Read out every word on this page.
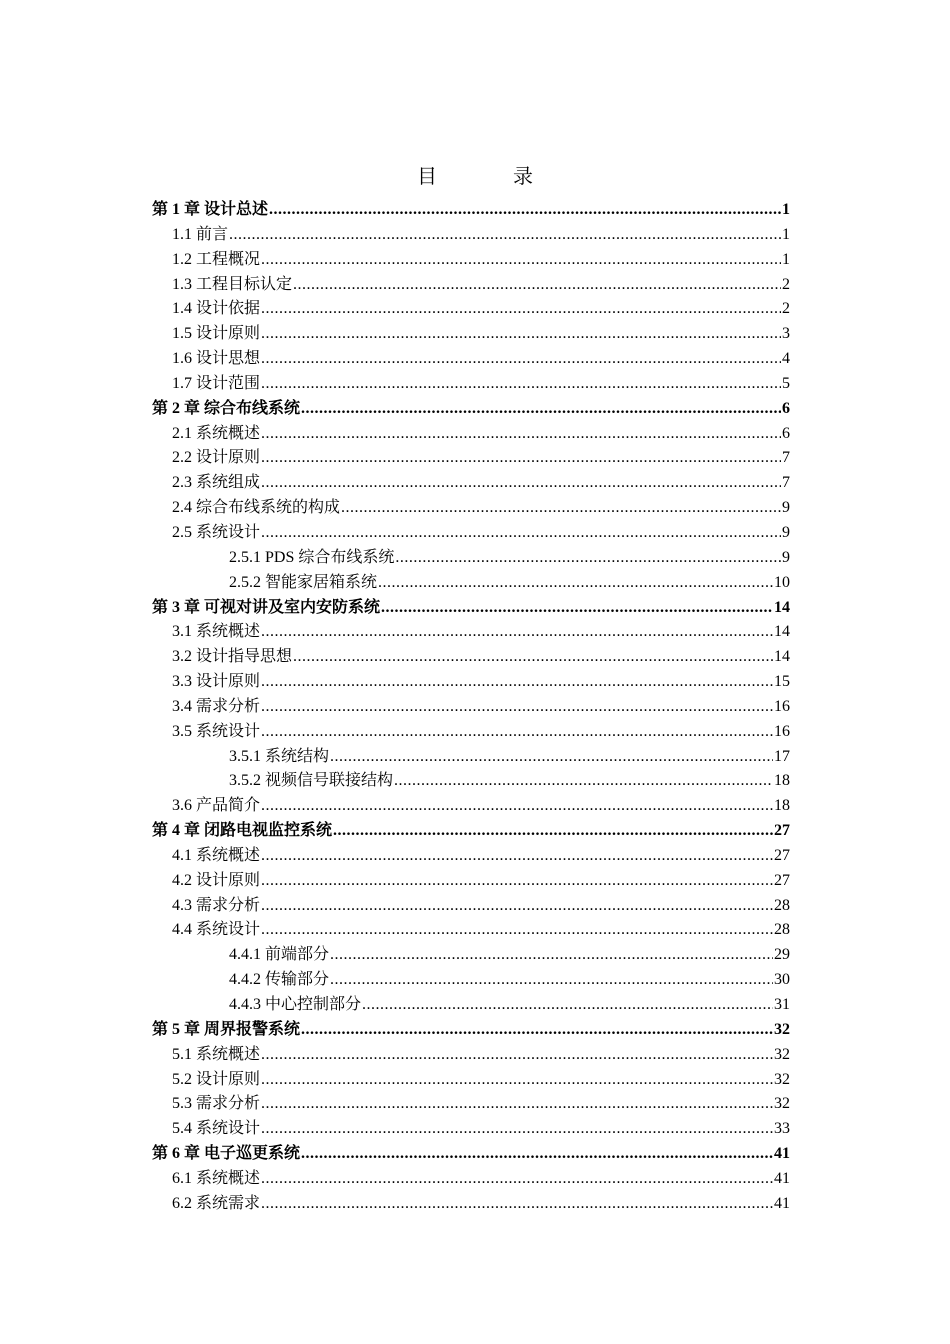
目　录
第 1 章 设计总述 .....	1
1.1 前言 .....	1
1.2 工程概况 .....	1
1.3 工程目标认定 .....	2
1.4 设计依据 .....	2
1.5 设计原则 .....	3
1.6 设计思想 .....	4
1.7 设计范围 .....	5
第 2 章 综合布线系统 .....	6
2.1 系统概述 .....	6
2.2 设计原则 .....	7
2.3 系统组成 .....	7
2.4 综合布线系统的构成 .....	9
2.5 系统设计 .....	9
2.5.1 PDS 综合布线系统 .....	9
2.5.2 智能家居箱系统 .....	10
第 3 章 可视对讲及室内安防系统 .....	14
3.1 系统概述 .....	14
3.2 设计指导思想 .....	14
3.3 设计原则 .....	15
3.4 需求分析 .....	16
3.5 系统设计 .....	16
3.5.1 系统结构 .....	17
3.5.2 视频信号联接结构 .....	18
3.6 产品简介 .....	18
第 4 章 闭路电视监控系统 .....	27
4.1 系统概述 .....	27
4.2 设计原则 .....	27
4.3 需求分析 .....	28
4.4 系统设计 .....	28
4.4.1 前端部分 .....	29
4.4.2 传输部分 .....	30
4.4.3 中心控制部分 .....	31
第 5 章 周界报警系统 .....	32
5.1 系统概述 .....	32
5.2 设计原则 .....	32
5.3 需求分析 .....	32
5.4 系统设计 .....	33
第 6 章 电子巡更系统 .....	41
6.1 系统概述 .....	41
6.2 系统需求 .....	41
